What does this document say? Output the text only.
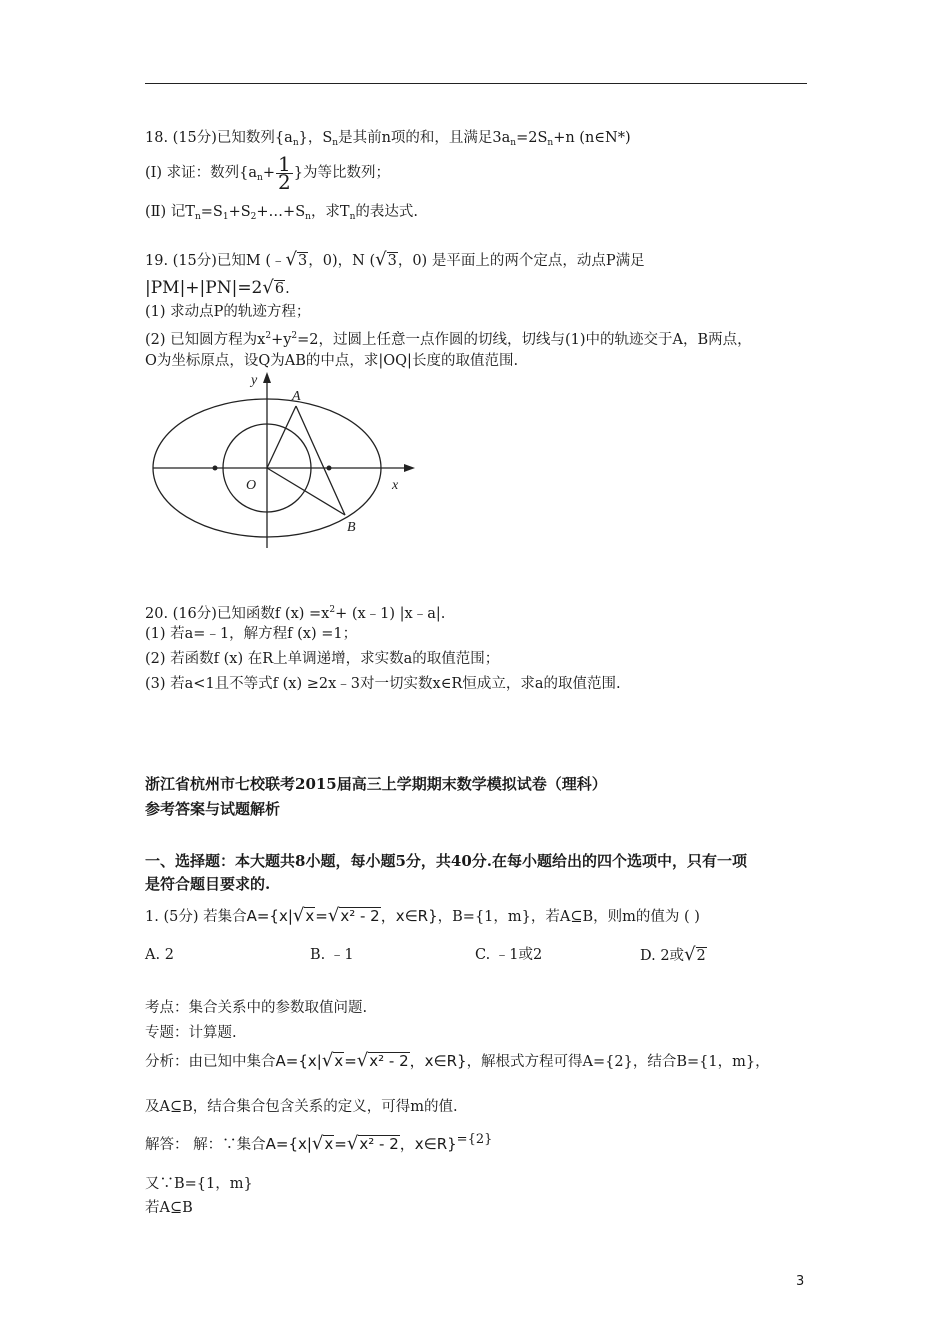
18. (15分)已知数列$\{a_n\}$，$S_n$是其前n项的和，且满足$3a_n=2S_n+n$ (n∈N*)
(Ⅰ) 求证：数列{$a_n+ \frac{1}{2}$ }为等比数列；
(Ⅱ) 记$T_n=S_1+S_2+\dots+S_n$，求$T_n$的表达式.
19. (15分)已知M (﹣√3，0)，N (√3，0) 是平面上的两个定点，动点P满足
|PM|+|PN|=2√6.
(1) 求动点P的轨迹方程；
(2) 已知圆方程为$x^2+y^2=2$，过圆上任意一点作圆的切线，切线与(1)中的轨迹交于A，B两点，
O为坐标原点，设Q为AB的中点，求|OQ|长度的取值范围.
y
x
O
A
B
20. (16分)已知函数f $(x) =x^2+$ (x﹣1) |x﹣a|.
(1) 若a=﹣1，解方程f (x) =1；
(2) 若函数f (x) 在R上单调递增，求实数a的取值范围；
(3) 若a<1且不等式f (x) ≥2x﹣3对一切实数x∈R恒成立，求a的取值范围.
浙江省杭州市七校联考2015届高三上学期期末数学模拟试卷（理科）
参考答案与试题解析
一、选择题：本大题共8小题，每小题5分，共40分.在每小题给出的四个选项中，只有一项
是符合题目要求的.
1. (5分) 若集合A={x|√x=√x² - 2，x∈R}，B={1，m}，若A⊆B，则m的值为 ( )
A. 2	B. ﹣1	C. ﹣1或2	D. 2或√2
考点：集合关系中的参数取值问题.
专题：计算题.
分析：由已知中集合A={x|√x=√x² - 2，x∈R}，解根式方程可得A={2}，结合B={1，m}，
及A⊆B，结合集合包含关系的定义，可得m的值.
解答： 解：∵集合A={x|√x=√x² - 2，x∈R}={2}
又∵B={1，m}
若A⊆B
3
